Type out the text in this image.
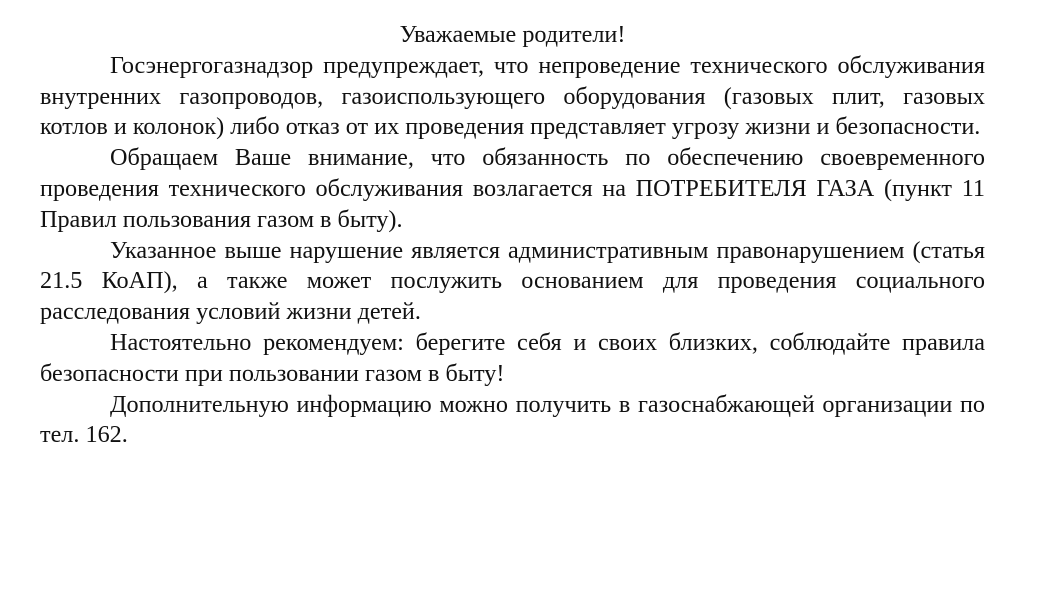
Уважаемые родители!

Госэнергогазнадзор предупреждает, что непроведение технического обслуживания внутренних газопроводов, газоиспользующего оборудования (газовых плит, газовых котлов и колонок) либо отказ от их проведения представляет угрозу жизни и безопасности.

Обращаем Ваше внимание, что обязанность по обеспечению своевременного проведения технического обслуживания возлагается на ПОТРЕБИТЕЛЯ ГАЗА (пункт 11 Правил пользования газом в быту).

Указанное выше нарушение является административным правонарушением (статья 21.5 КоАП), а также может послужить основанием для проведения социального расследования условий жизни детей.

Настоятельно рекомендуем: берегите себя и своих близких, соблюдайте правила безопасности при пользовании газом в быту!

Дополнительную информацию можно получить в газоснабжающей организации по тел. 162.
